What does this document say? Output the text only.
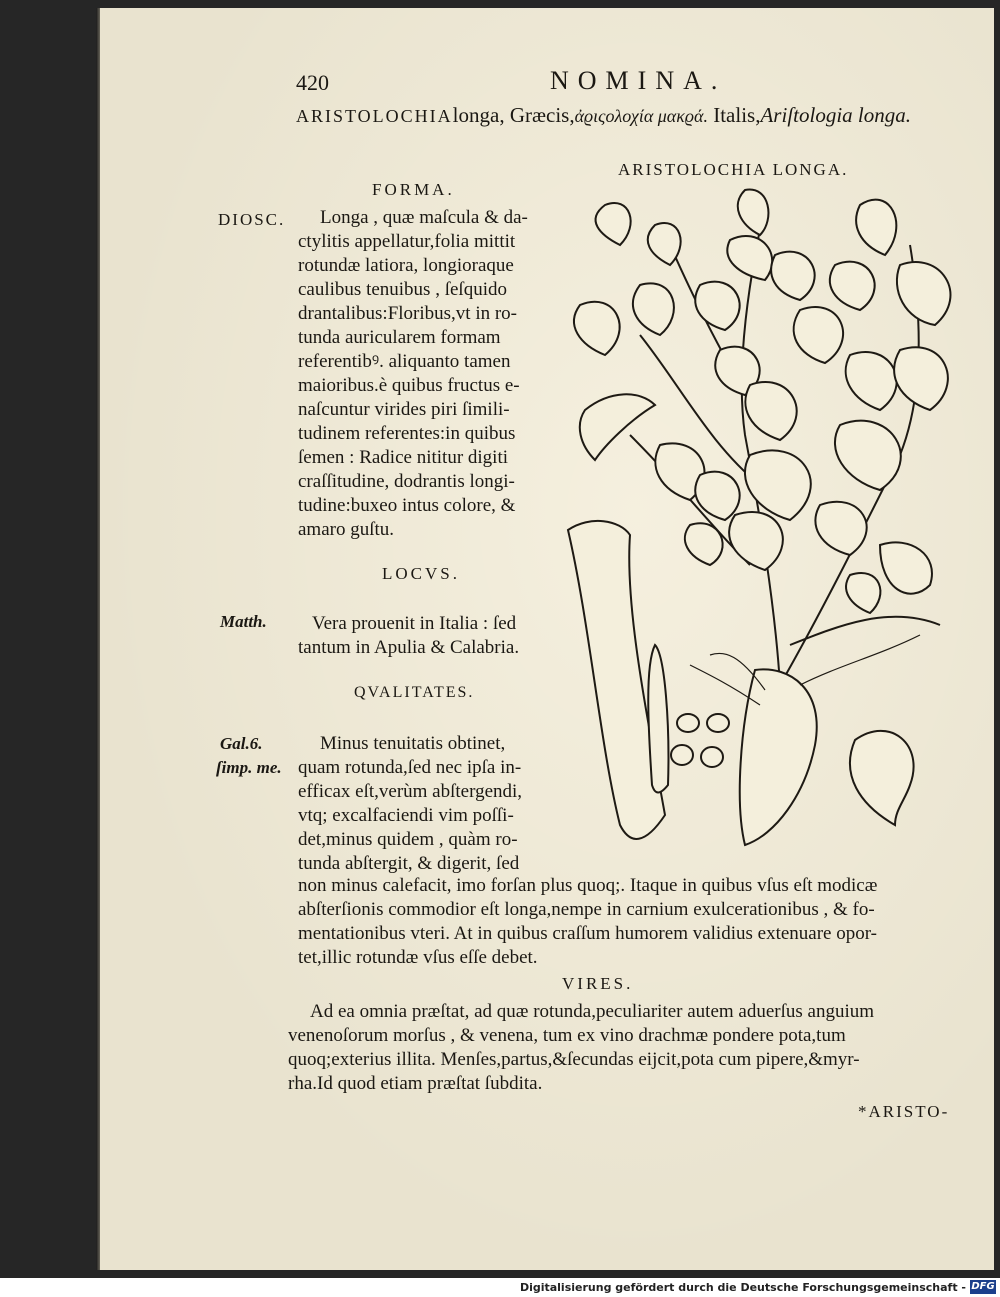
420	NOMINA.
ARISTOLOCHIAlonga, Græcis,ἀϱιςολοχία μακϱά. Italis,Ariſtologia longa.
ARISTOLOCHIA LONGA.
FORMA.
DIOSC. Longa , quæ maſcula & da-
ctylitis appellatur,folia mittit
rotundæ latiora, longioraque
caulibus tenuibus , ſeſquido
drantalibus:Floribus,vt in ro-
tunda auricularem formam
referentibꝰ. aliquanto tamen
maioribus.è quibus fructus e-
naſcuntur virides piri ſimili-
tudinem referentes:in quibus
ſemen : Radice nititur digiti
craſſitudine, dodrantis longi-
tudine:buxeo intus colore, &
amaro guſtu.
LOCVS.
Matth. Vera prouenit in Italia : ſed
tantum in Apulia & Calabria.
QVALITATES.
Gal.6.
ſimp. me.
Minus tenuitatis obtinet,
quam rotunda,ſed nec ipſa in-
efficax eſt,verùm abſtergendi,
vtq; excalfaciendi vim poſſi-
det,minus quidem , quàm ro-
tunda abſtergit, & digerit, ſed
non minus calefacit, imo forſan plus quoq;. Itaque in quibus vſus eſt modicæ
abſterſionis commodior eſt longa,nempe in carnium exulcerationibus , & fo-
mentationibus vteri. At in quibus craſſum humorem validius extenuare opor-
tet,illic rotundæ vſus eſſe debet.
VIRES.
Ad ea omnia præſtat, ad quæ rotunda,peculiariter autem aduerſus anguium
venenoſorum morſus , & venena, tum ex vino drachmæ pondere pota,tum
quoq;exterius illita. Menſes,partus,&ſecundas eijcit,pota cum pipere,&myr-
rha.Id quod etiam præſtat ſubdita.
*ARISTO-
Digitalisierung gefördert durch die Deutsche Forschungsgemeinschaft - DFG
